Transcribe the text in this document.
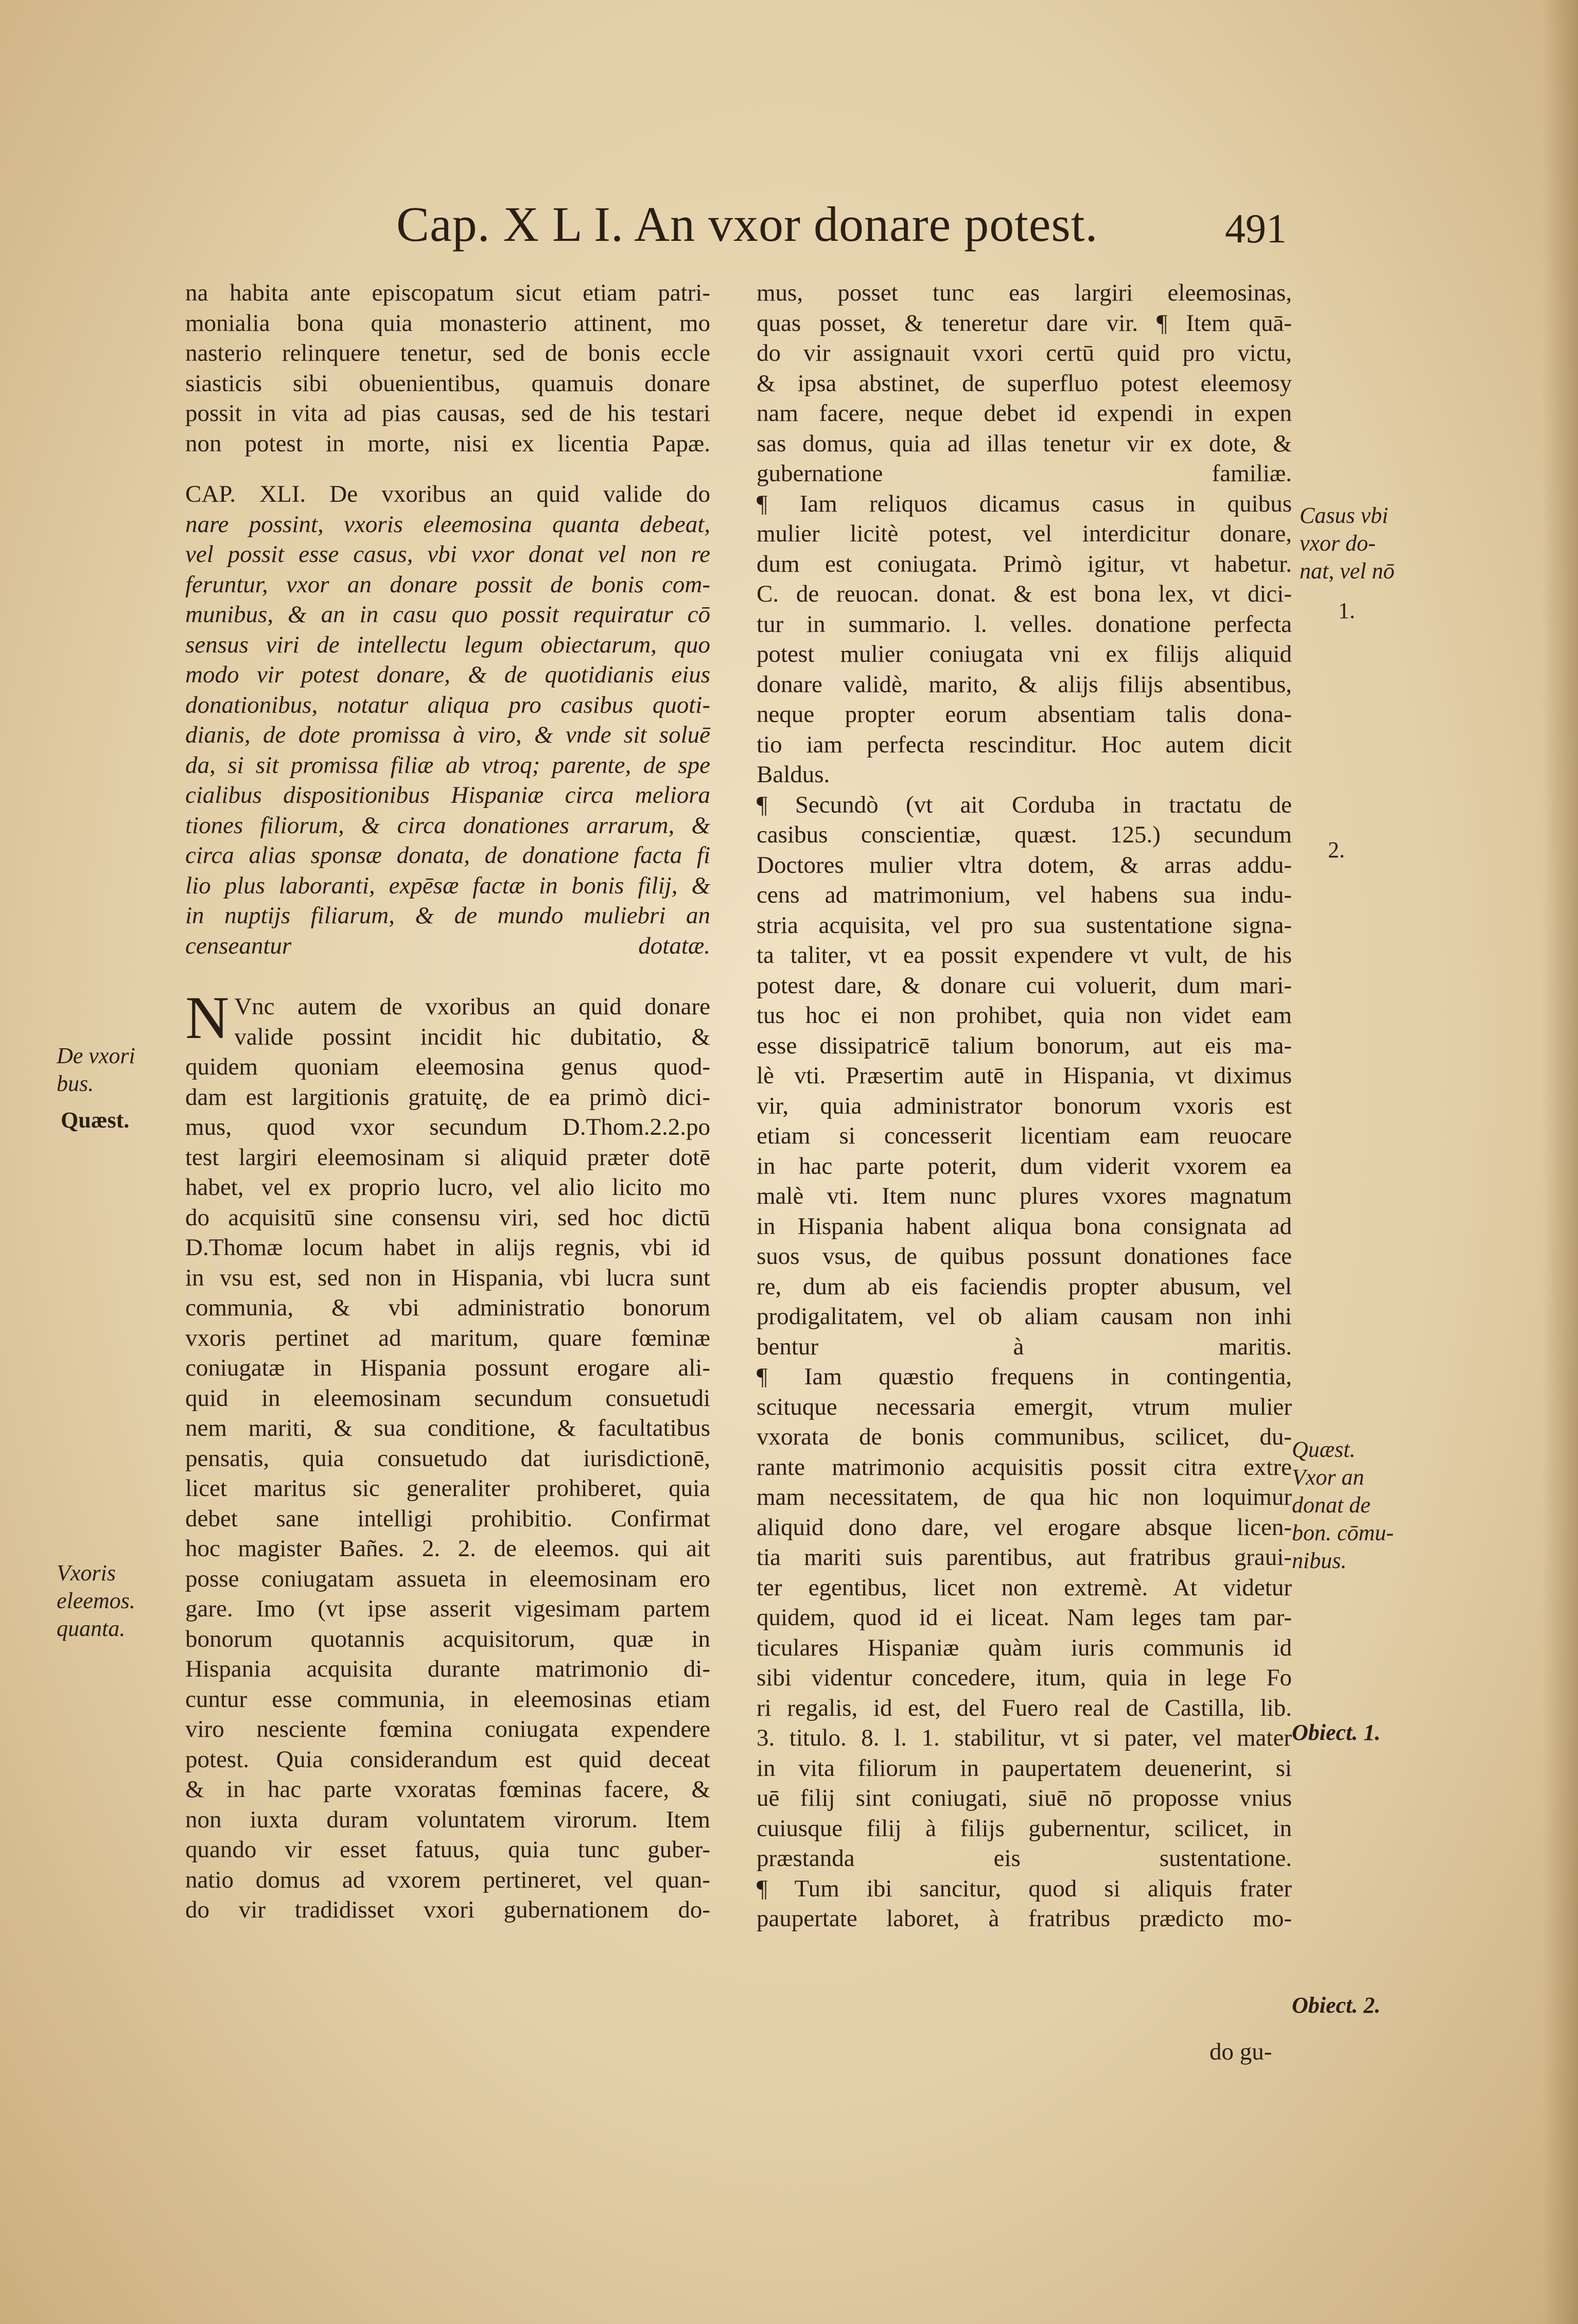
Cap. X L I. An vxor donare potest.	491
na habita ante episcopatum sicut etiam patri-
monialia bona quia monasterio attinent, mo
nasterio relinquere tenetur, sed de bonis eccle
siasticis sibi obuenientibus, quamuis donare
possit in vita ad pias causas, sed de his testari
non potest in morte, nisi ex licentia Papæ.
CAP. XLI. De vxoribus an quid valide do
nare possint, vxoris eleemosina quanta debeat,
vel possit esse casus, vbi vxor donat vel non re
feruntur, vxor an donare possit de bonis com-
munibus, & an in casu quo possit requiratur cō
sensus viri de intellectu legum obiectarum, quo
modo vir potest donare, & de quotidianis eius
donationibus, notatur aliqua pro casibus quoti-
dianis, de dote promissa à viro, & vnde sit soluē
da, si sit promissa filiæ ab vtroq; parente, de spe
cialibus dispositionibus Hispaniæ circa meliora
tiones filiorum, & circa donationes arrarum, &
circa alias sponsæ donata, de donatione facta fi
lio plus laboranti, expēsæ factæ in bonis filij, &
in nuptijs filiarum, & de mundo muliebri an
censeantur dotatæ.
N Vnc autem de vxoribus an quid donare
valide possint incidit hic dubitatio, &
quidem quoniam eleemosina genus quod-
dam est largitionis gratuitę, de ea primò dici-
mus, quod vxor secundum D.Thom.2.2.po
test largiri eleemosinam si aliquid præter dotē
habet, vel ex proprio lucro, vel alio licito mo
do acquisitū sine consensu viri, sed hoc dictū
D.Thomæ locum habet in alijs regnis, vbi id
in vsu est, sed non in Hispania, vbi lucra sunt
communia, & vbi administratio bonorum
vxoris pertinet ad maritum, quare fœminæ
coniugatæ in Hispania possunt erogare ali-
quid in eleemosinam secundum consuetudi
nem mariti, & sua conditione, & facultatibus
pensatis, quia consuetudo dat iurisdictionē,
licet maritus sic generaliter prohiberet, quia
debet sane intelligi prohibitio. Confirmat
hoc magister Bañes. 2. 2. de eleemos. qui ait
posse coniugatam assueta in eleemosinam ero
gare. Imo (vt ipse asserit vigesimam partem
bonorum quotannis acquisitorum, quæ in
Hispania acquisita durante matrimonio di-
cuntur esse communia, in eleemosinas etiam
viro nesciente fœmina coniugata expendere
potest. Quia considerandum est quid deceat
& in hac parte vxoratas fœminas facere, &
non iuxta duram voluntatem virorum. Item
quando vir esset fatuus, quia tunc guber-
natio domus ad vxorem pertineret, vel quan-
do vir tradidisset vxori gubernationem do-
mus, posset tunc eas largiri eleemosinas,
quas posset, & teneretur dare vir. ¶ Item quā-
do vir assignauit vxori certū quid pro victu,
& ipsa abstinet, de superfluo potest eleemosy
nam facere, neque debet id expendi in expen
sas domus, quia ad illas tenetur vir ex dote, &
gubernatione familiæ.
¶ Iam reliquos dicamus casus in quibus
mulier licitè potest, vel interdicitur donare,
dum est coniugata. Primò igitur, vt habetur.
C. de reuocan. donat. & est bona lex, vt dici-
tur in summario. l. velles. donatione perfecta
potest mulier coniugata vni ex filijs aliquid
donare validè, marito, & alijs filijs absentibus,
neque propter eorum absentiam talis dona-
tio iam perfecta rescinditur. Hoc autem dicit
Baldus.
¶ Secundò (vt ait Corduba in tractatu de
casibus conscientiæ, quæst. 125.) secundum
Doctores mulier vltra dotem, & arras addu-
cens ad matrimonium, vel habens sua indu-
stria acquisita, vel pro sua sustentatione signa-
ta taliter, vt ea possit expendere vt vult, de his
potest dare, & donare cui voluerit, dum mari-
tus hoc ei non prohibet, quia non videt eam
esse dissipatricē talium bonorum, aut eis ma-
lè vti. Præsertim autē in Hispania, vt diximus
vir, quia administrator bonorum vxoris est
etiam si concesserit licentiam eam reuocare
in hac parte poterit, dum viderit vxorem ea
malè vti. Item nunc plures vxores magnatum
in Hispania habent aliqua bona consignata ad
suos vsus, de quibus possunt donationes face
re, dum ab eis faciendis propter abusum, vel
prodigalitatem, vel ob aliam causam non inhi
bentur à maritis.
¶ Iam quæstio frequens in contingentia,
scituque necessaria emergit, vtrum mulier
vxorata de bonis communibus, scilicet, du-
rante matrimonio acquisitis possit citra extre
mam necessitatem, de qua hic non loquimur
aliquid dono dare, vel erogare absque licen-
tia mariti suis parentibus, aut fratribus graui-
ter egentibus, licet non extremè. At videtur
quidem, quod id ei liceat. Nam leges tam par-
ticulares Hispaniæ quàm iuris communis id
sibi videntur concedere, itum, quia in lege Fo
ri regalis, id est, del Fuero real de Castilla, lib.
3. titulo. 8. l. 1. stabilitur, vt si pater, vel mater
in vita filiorum in paupertatem deuenerint, si
uē filij sint coniugati, siuē nō proposse vnius
cuiusque filij à filijs gubernentur, scilicet, in
præstanda eis sustentatione.
¶ Tum ibi sancitur, quod si aliquis frater
paupertate laboret, à fratribus prædicto mo-
do gu-
De vxori
bus.
Quæst.
Vxoris
eleemos.
quanta.
Casus vbi
vxor do-
nat, vel nō
1.
2.
Quæst.
Vxor an
donat de
bon. cōmu-
nibus.
Obiect. 1.
Obiect. 2.
